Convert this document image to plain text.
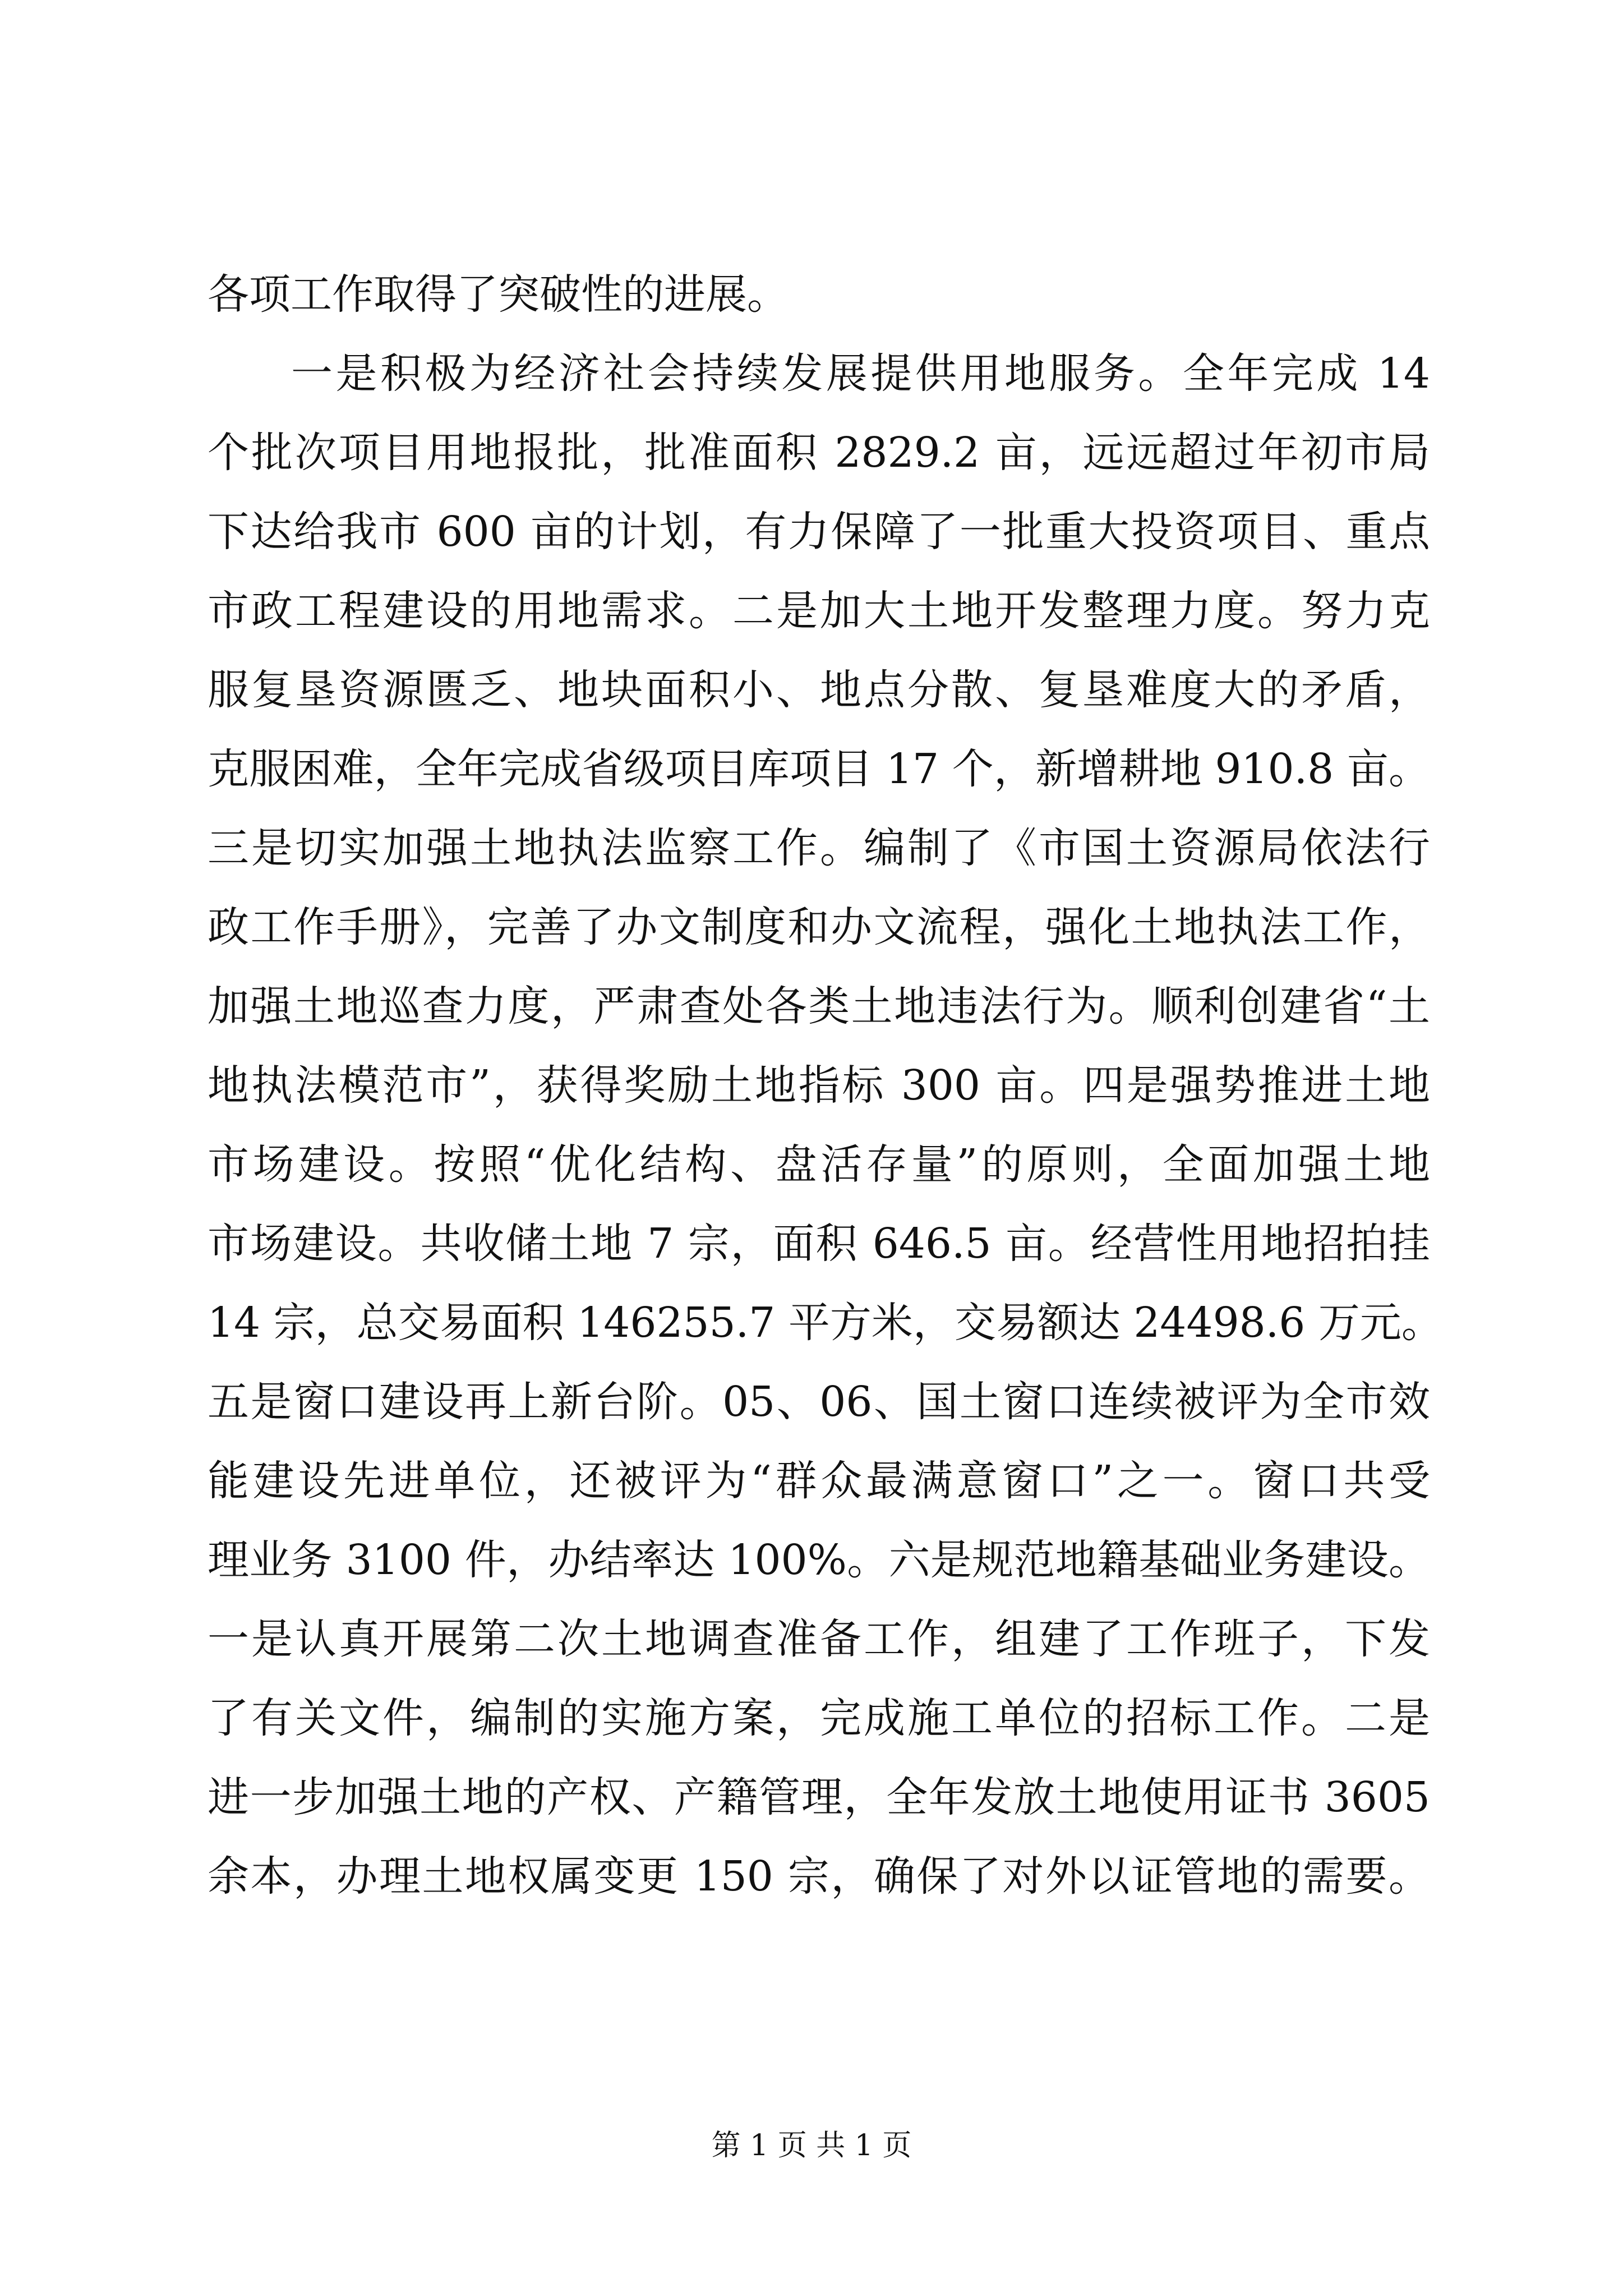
各项工作取得了突破性的进展。
一是积极为经济社会持续发展提供用地服务。全年完成 14
个批次项目用地报批，批准面积 2829.2 亩，远远超过年初市局
下达给我市 600 亩的计划，有力保障了一批重大投资项目、重点
市政工程建设的用地需求。二是加大土地开发整理力度。努力克
服复垦资源匮乏、地块面积小、地点分散、复垦难度大的矛盾，
克服困难，全年完成省级项目库项目 17 个，新增耕地 910.8 亩。
三是切实加强土地执法监察工作。编制了《市国土资源局依法行
政工作手册》，完善了办文制度和办文流程，强化土地执法工作，
加强土地巡查力度，严肃查处各类土地违法行为。顺利创建省“土
地执法模范市”，获得奖励土地指标 300 亩。四是强势推进土地
市场建设。按照“优化结构、盘活存量”的原则，全面加强土地
市场建设。共收储土地 7 宗，面积 646.5 亩。经营性用地招拍挂
14 宗，总交易面积 146255.7 平方米，交易额达 24498.6 万元。
五是窗口建设再上新台阶。05、06、国土窗口连续被评为全市效
能建设先进单位，还被评为“群众最满意窗口”之一。窗口共受
理业务 3100 件，办结率达 100%。六是规范地籍基础业务建设。
一是认真开展第二次土地调查准备工作，组建了工作班子，下发
了有关文件，编制的实施方案，完成施工单位的招标工作。二是
进一步加强土地的产权、产籍管理，全年发放土地使用证书 3605
余本，办理土地权属变更 150 宗，确保了对外以证管地的需要。
第 1 页 共 1 页
